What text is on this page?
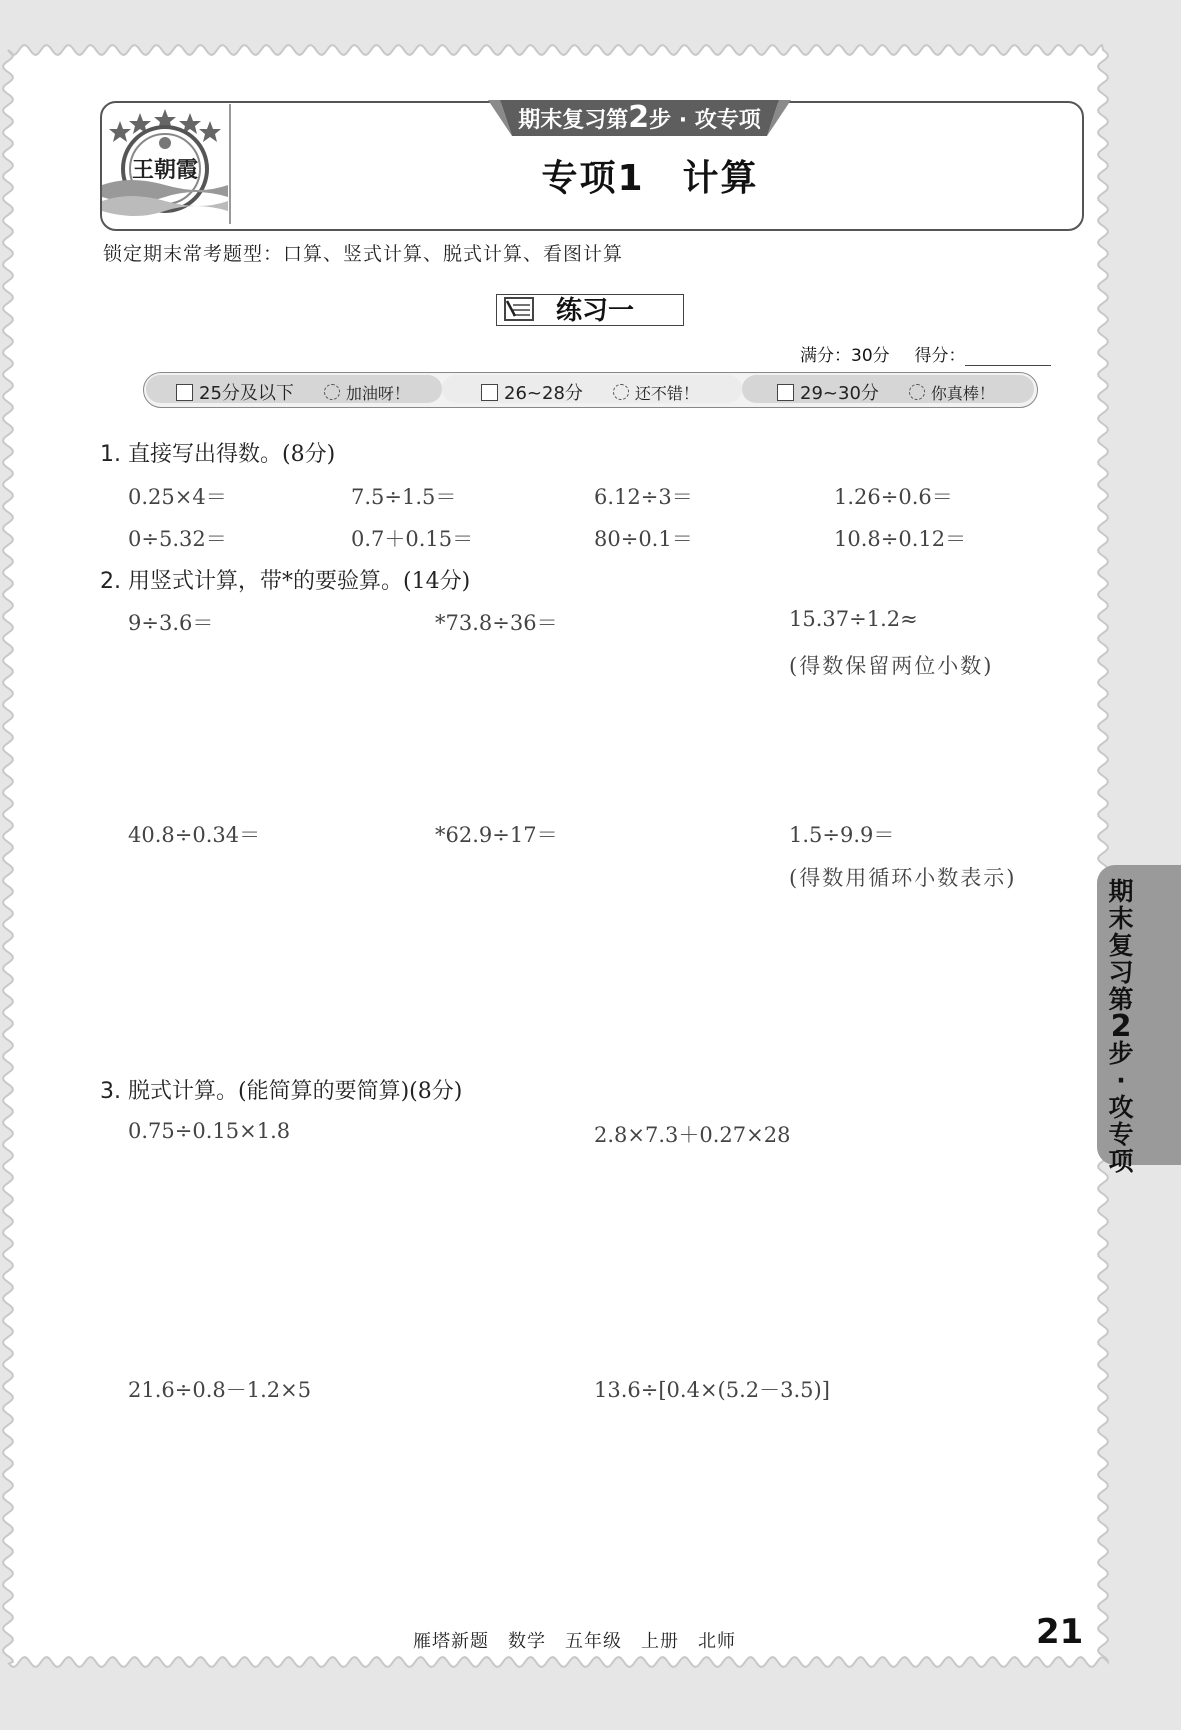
王朝霞
期末复习第2步 · 攻专项
专项1　计算
锁定期末常考题型：口算、竖式计算、脱式计算、看图计算
练习一
满分：30分 得分：
25分及以下	加油呀！	26~28分	还不错！	29~30分	你真棒！
1. 直接写出得数。(8分)
0.25×4＝	7.5÷1.5＝	6.12÷3＝	1.26÷0.6＝
0÷5.32＝	0.7＋0.15＝	80÷0.1＝	10.8÷0.12＝
2. 用竖式计算，带*的要验算。(14分)
9÷3.6＝	*73.8÷36＝	15.37÷1.2≈
(得数保留两位小数)
40.8÷0.34＝	*62.9÷17＝	1.5÷9.9＝
(得数用循环小数表示)
3. 脱式计算。(能简算的要简算)(8分)
0.75÷0.15×1.8	2.8×7.3＋0.27×28
21.6÷0.8－1.2×5	13.6÷[0.4×(5.2－3.5)]
期
末
复
习
第
2
步
·
攻
专
项
雁塔新题　数学　五年级　上册　北师	21
